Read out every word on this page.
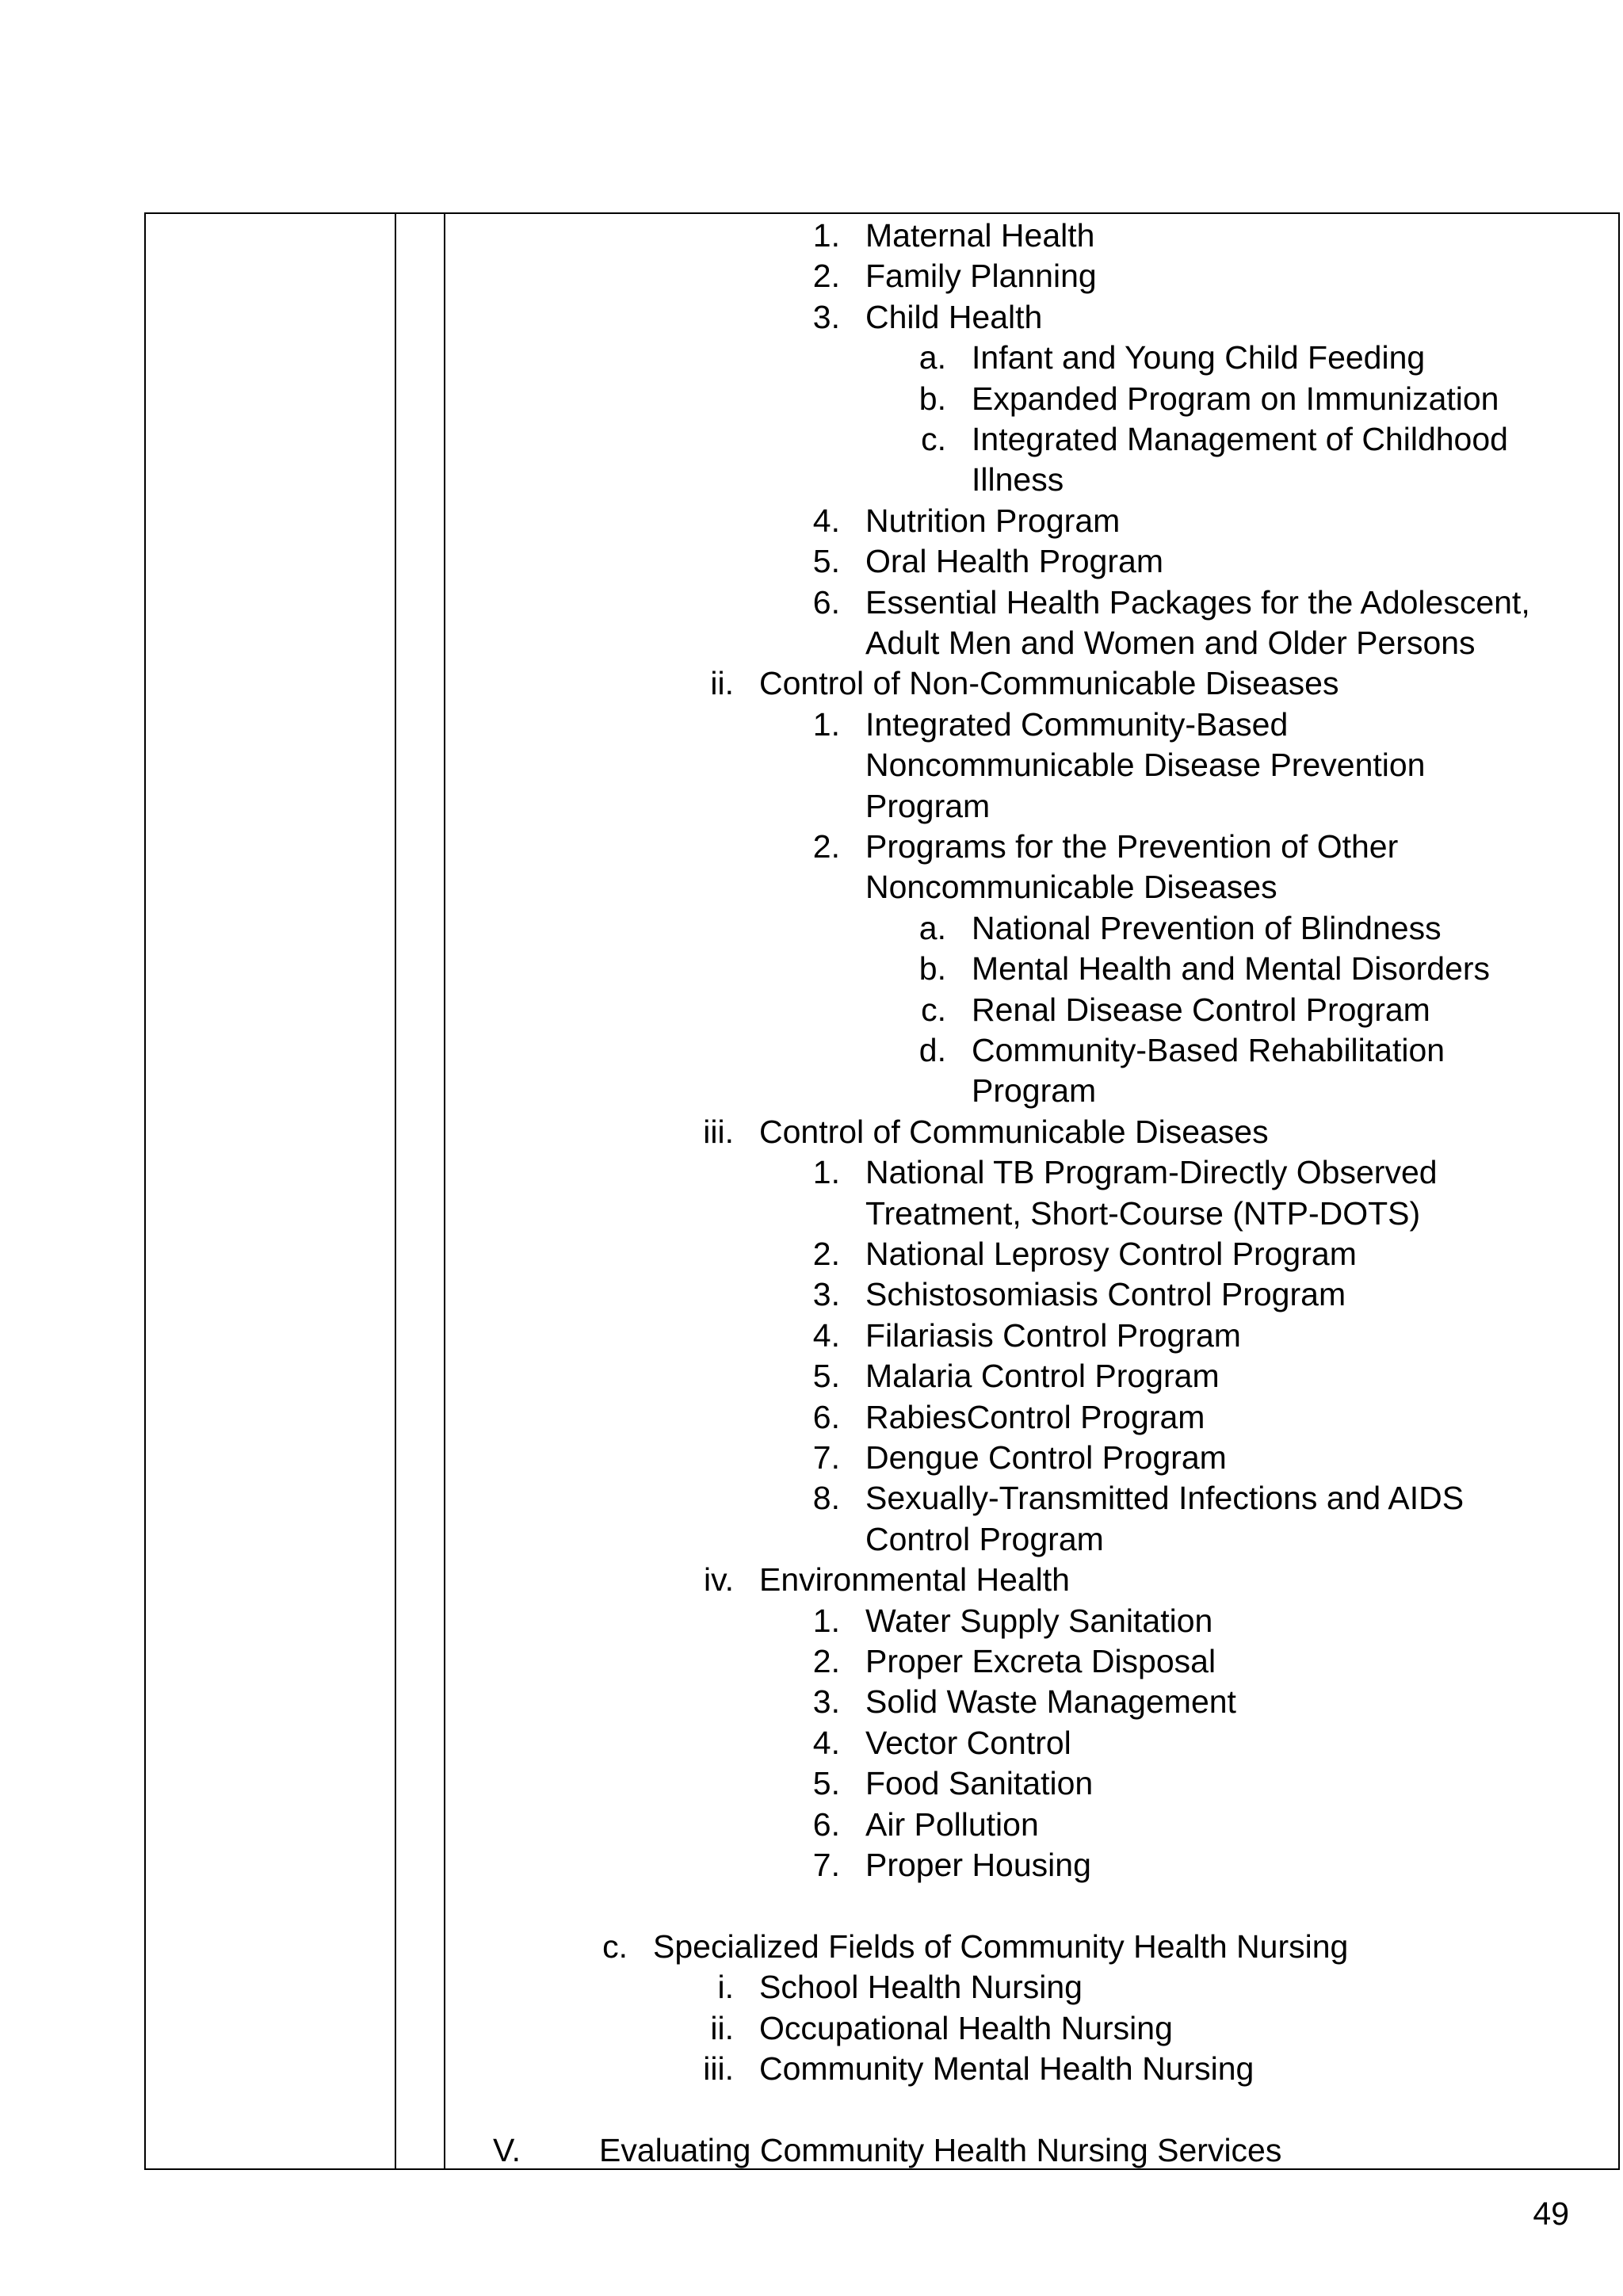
1. Maternal Health
2. Family Planning
3. Child Health
a. Infant and Young Child Feeding
b. Expanded Program on Immunization
c. Integrated Management of Childhood
Illness
4. Nutrition Program
5. Oral Health Program
6. Essential Health Packages for the Adolescent,
Adult Men and Women and Older Persons
ii. Control of Non-Communicable Diseases
1. Integrated Community-Based
Noncommunicable Disease Prevention
Program
2. Programs for the Prevention of Other
Noncommunicable Diseases
a. National Prevention of Blindness
b. Mental Health and Mental Disorders
c. Renal Disease Control Program
d. Community-Based Rehabilitation
Program
iii. Control of Communicable Diseases
1. National TB Program-Directly Observed
Treatment, Short-Course (NTP-DOTS)
2. National Leprosy Control Program
3. Schistosomiasis Control Program
4. Filariasis Control Program
5. Malaria Control Program
6. RabiesControl Program
7. Dengue Control Program
8. Sexually-Transmitted Infections and AIDS
Control Program
iv. Environmental Health
1. Water Supply Sanitation
2. Proper Excreta Disposal
3. Solid Waste Management
4. Vector Control
5. Food Sanitation
6. Air Pollution
7. Proper Housing
c. Specialized Fields of Community Health Nursing
i. School Health Nursing
ii. Occupational Health Nursing
iii. Community Mental Health Nursing
V.	Evaluating Community Health Nursing Services
49
